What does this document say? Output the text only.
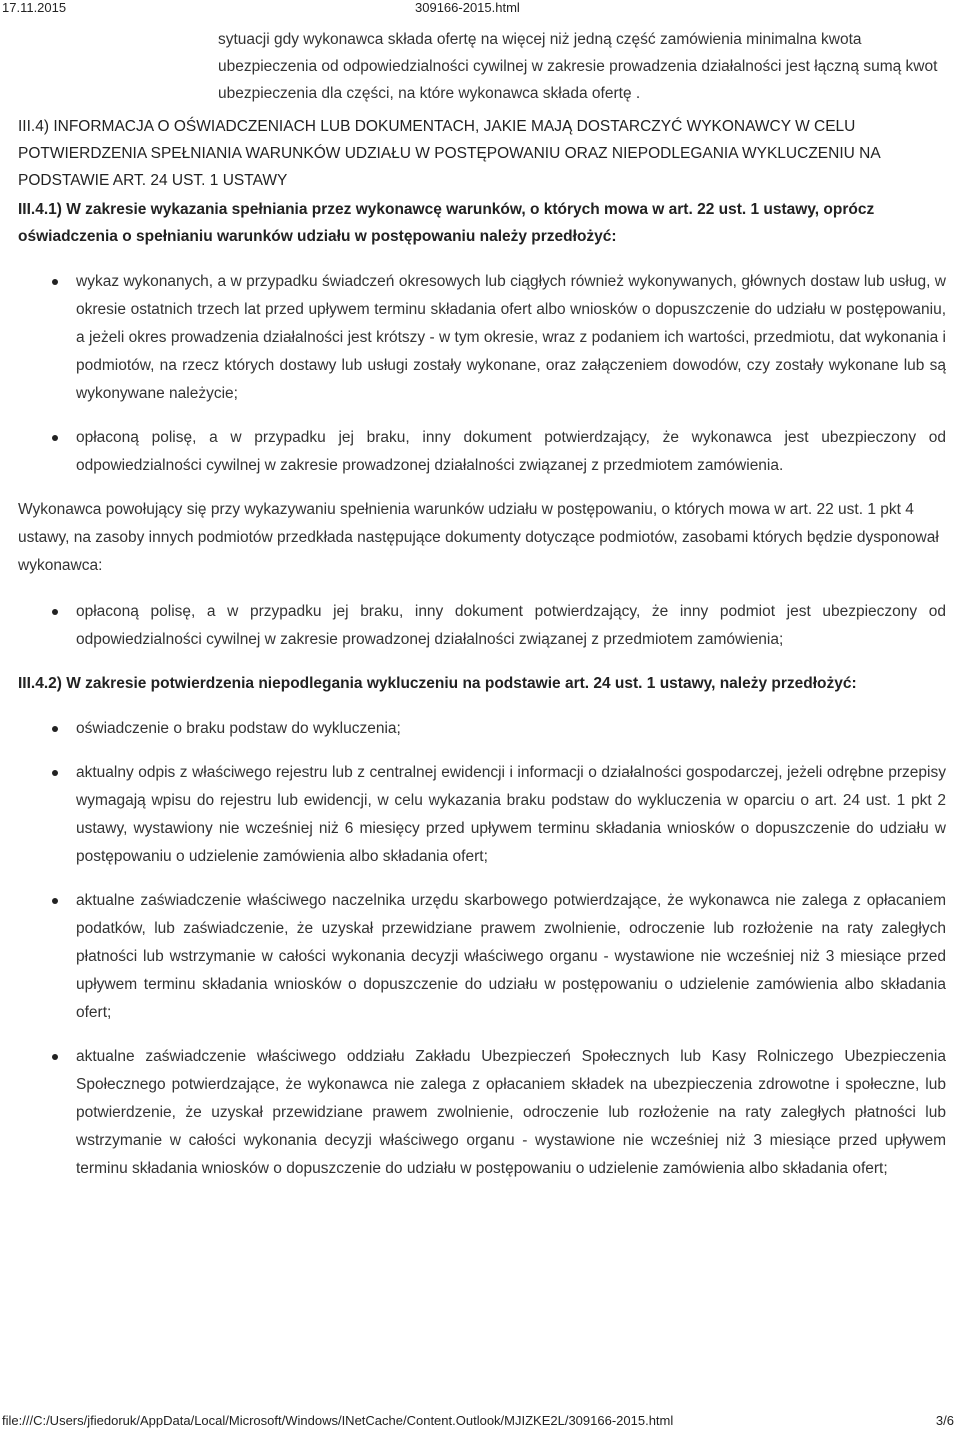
17.11.2015	309166-2015.html
sytuacji gdy wykonawca składa ofertę na więcej niż jedną część zamówienia minimalna kwota ubezpieczenia od odpowiedzialności cywilnej w zakresie prowadzenia działalności jest łączną sumą kwot ubezpieczenia dla części, na które wykonawca składa ofertę .
III.4) INFORMACJA O OŚWIADCZENIACH LUB DOKUMENTACH, JAKIE MAJĄ DOSTARCZYĆ WYKONAWCY W CELU POTWIERDZENIA SPEŁNIANIA WARUNKÓW UDZIAŁU W POSTĘPOWANIU ORAZ NIEPODLEGANIA WYKLUCZENIU NA PODSTAWIE ART. 24 UST. 1 USTAWY
III.4.1) W zakresie wykazania spełniania przez wykonawcę warunków, o których mowa w art. 22 ust. 1 ustawy, oprócz oświadczenia o spełnianiu warunków udziału w postępowaniu należy przedłożyć:
wykaz wykonanych, a w przypadku świadczeń okresowych lub ciągłych również wykonywanych, głównych dostaw lub usług, w okresie ostatnich trzech lat przed upływem terminu składania ofert albo wniosków o dopuszczenie do udziału w postępowaniu, a jeżeli okres prowadzenia działalności jest krótszy - w tym okresie, wraz z podaniem ich wartości, przedmiotu, dat wykonania i podmiotów, na rzecz których dostawy lub usługi zostały wykonane, oraz załączeniem dowodów, czy zostały wykonane lub są wykonywane należycie;
opłaconą polisę, a w przypadku jej braku, inny dokument potwierdzający, że wykonawca jest ubezpieczony od odpowiedzialności cywilnej w zakresie prowadzonej działalności związanej z przedmiotem zamówienia.
Wykonawca powołujący się przy wykazywaniu spełnienia warunków udziału w postępowaniu, o których mowa w art. 22 ust. 1 pkt 4 ustawy, na zasoby innych podmiotów przedkłada następujące dokumenty dotyczące podmiotów, zasobami których będzie dysponował wykonawca:
opłaconą polisę, a w przypadku jej braku, inny dokument potwierdzający, że inny podmiot jest ubezpieczony od odpowiedzialności cywilnej w zakresie prowadzonej działalności związanej z przedmiotem zamówienia;
III.4.2) W zakresie potwierdzenia niepodlegania wykluczeniu na podstawie art. 24 ust. 1 ustawy, należy przedłożyć:
oświadczenie o braku podstaw do wykluczenia;
aktualny odpis z właściwego rejestru lub z centralnej ewidencji i informacji o działalności gospodarczej, jeżeli odrębne przepisy wymagają wpisu do rejestru lub ewidencji, w celu wykazania braku podstaw do wykluczenia w oparciu o art. 24 ust. 1 pkt 2 ustawy, wystawiony nie wcześniej niż 6 miesięcy przed upływem terminu składania wniosków o dopuszczenie do udziału w postępowaniu o udzielenie zamówienia albo składania ofert;
aktualne zaświadczenie właściwego naczelnika urzędu skarbowego potwierdzające, że wykonawca nie zalega z opłacaniem podatków, lub zaświadczenie, że uzyskał przewidziane prawem zwolnienie, odroczenie lub rozłożenie na raty zaległych płatności lub wstrzymanie w całości wykonania decyzji właściwego organu - wystawione nie wcześniej niż 3 miesiące przed upływem terminu składania wniosków o dopuszczenie do udziału w postępowaniu o udzielenie zamówienia albo składania ofert;
aktualne zaświadczenie właściwego oddziału Zakładu Ubezpieczeń Społecznych lub Kasy Rolniczego Ubezpieczenia Społecznego potwierdzające, że wykonawca nie zalega z opłacaniem składek na ubezpieczenia zdrowotne i społeczne, lub potwierdzenie, że uzyskał przewidziane prawem zwolnienie, odroczenie lub rozłożenie na raty zaległych płatności lub wstrzymanie w całości wykonania decyzji właściwego organu - wystawione nie wcześniej niż 3 miesiące przed upływem terminu składania wniosków o dopuszczenie do udziału w postępowaniu o udzielenie zamówienia albo składania ofert;
file:///C:/Users/jfiedoruk/AppData/Local/Microsoft/Windows/INetCache/Content.Outlook/MJIZKE2L/309166-2015.html	3/6
